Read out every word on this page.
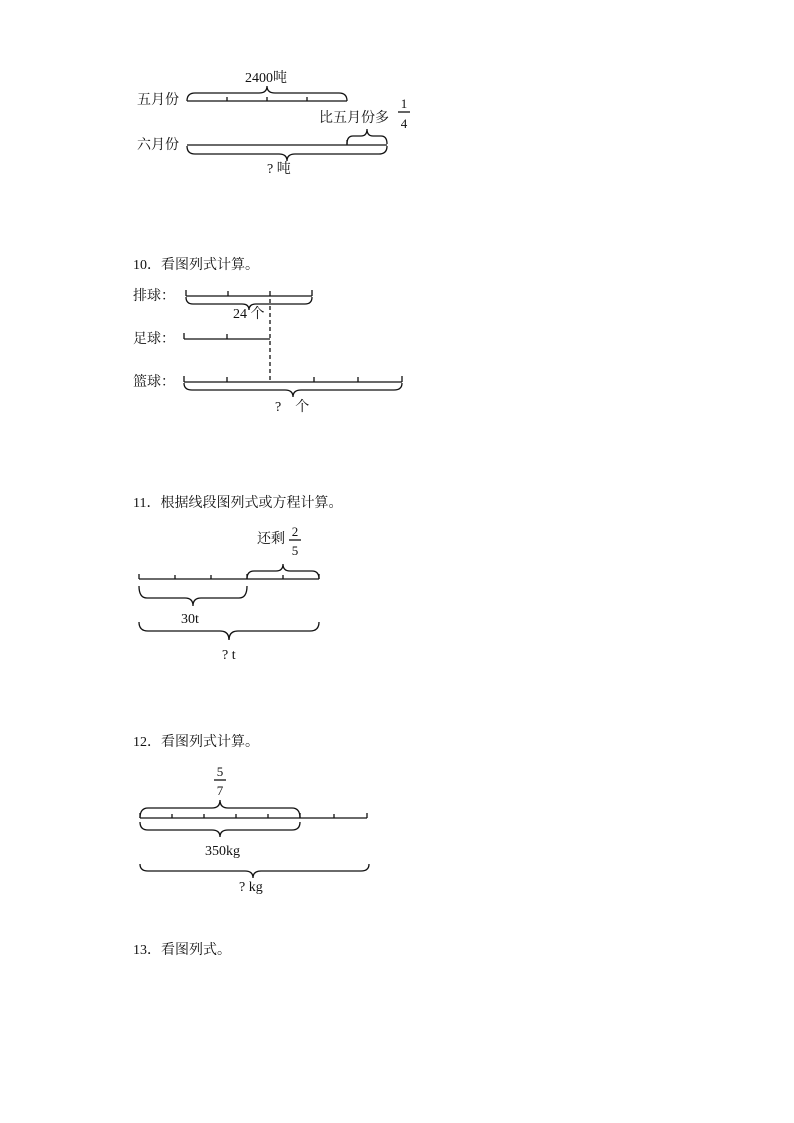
五月份
2400吨
比五月份多
1
4
六月份
? 吨
10．看图列式计算。
排球：
24 个
足球：
篮球：
?　个
11．根据线段图列式或方程计算。
还剩
2
5
30t
? t
12．看图列式计算。
5
7
350kg
? kg
13．看图列式。
